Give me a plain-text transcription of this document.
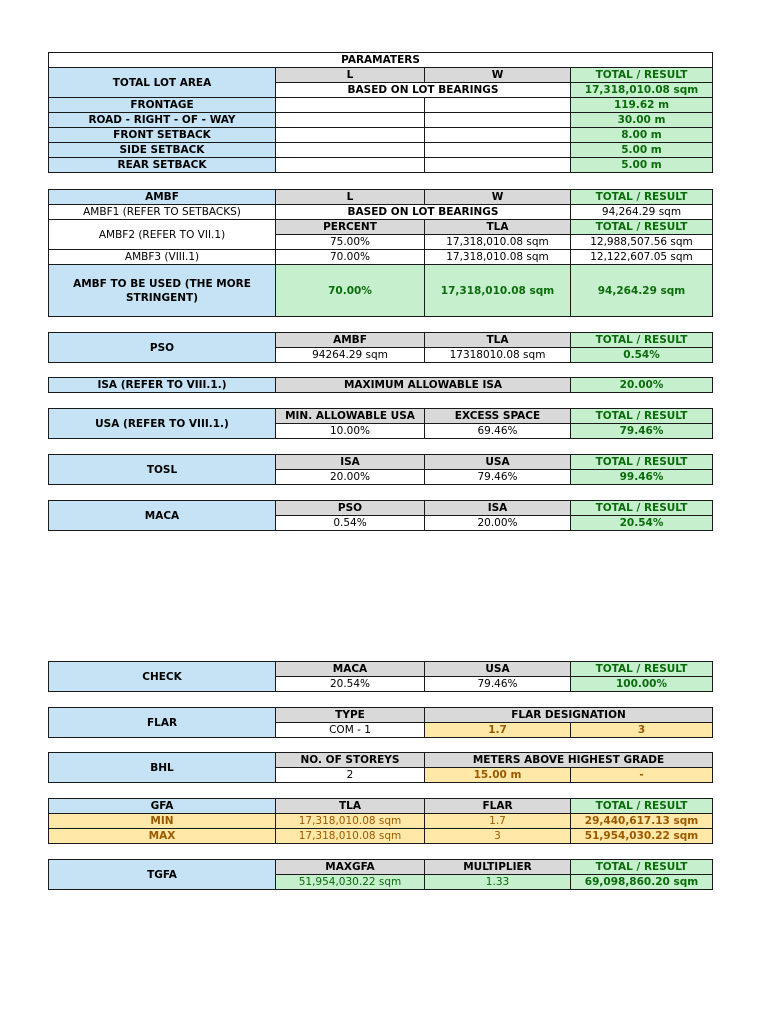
PARAMATERS			
TOTAL LOT AREA	L	W	TOTAL / RESULT
	BASED ON LOT BEARINGS		17,318,010.08 sqm
FRONTAGE			119.62 m
ROAD - RIGHT - OF - WAY			30.00 m
FRONT SETBACK			8.00 m
SIDE SETBACK			5.00 m
REAR SETBACK			5.00 m
AMBF	L	W	TOTAL / RESULT
AMBF1 (REFER TO SETBACKS)	BASED ON LOT BEARINGS		94,264.29 sqm
AMBF2 (REFER TO VII.1)	PERCENT	TLA	TOTAL / RESULT
	75.00%	17,318,010.08 sqm	12,988,507.56 sqm
AMBF3 (VIII.1)	70.00%	17,318,010.08 sqm	12,122,607.05 sqm
AMBF TO BE USED (THE MORE STRINGENT)	70.00%	17,318,010.08 sqm	94,264.29 sqm
PSO	AMBF	TLA	TOTAL / RESULT
	94264.29 sqm	17318010.08 sqm	0.54%
ISA (REFER TO VIII.1.)	MAXIMUM ALLOWABLE ISA	20.00%
USA (REFER TO VIII.1.)	MIN. ALLOWABLE USA	EXCESS SPACE	TOTAL / RESULT
	10.00%	69.46%	79.46%
TOSL	ISA	USA	TOTAL / RESULT
	20.00%	79.46%	99.46%
MACA	PSO	ISA	TOTAL / RESULT
	0.54%	20.00%	20.54%
CHECK	MACA	USA	TOTAL / RESULT
	20.54%	79.46%	100.00%
FLAR	TYPE	FLAR DESIGNATION	
	COM - 1	1.7	3
BHL	NO. OF STOREYS	METERS ABOVE HIGHEST GRADE	
	2	15.00 m	-
GFA	TLA	FLAR	TOTAL / RESULT
MIN	17,318,010.08 sqm	1.7	29,440,617.13 sqm
MAX	17,318,010.08 sqm	3	51,954,030.22 sqm
TGFA	MAXGFA	MULTIPLIER	TOTAL / RESULT
	51,954,030.22 sqm	1.33	69,098,860.20 sqm
